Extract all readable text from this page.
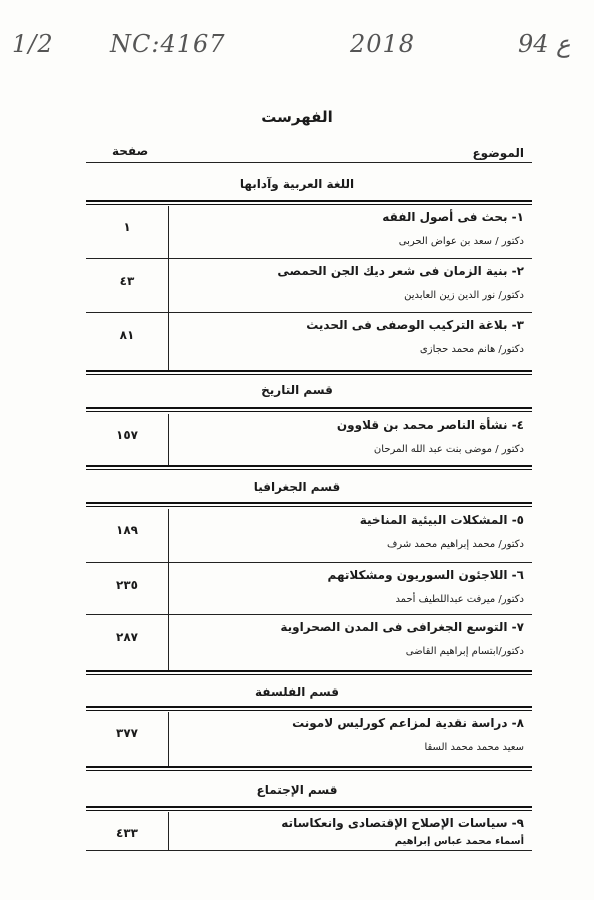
1/2 NC:4167	2018	94 ع
الفهرست
الموضوع
صفحة
اللغة العربية وآدابها
١- بحث فى أصول الفقه
دكتور / سعد بن عواض الحربى
١
٢- بنية الزمان فى شعر ديك الجن الحمصى
دكتور/ نور الدين زين العابدين
٤٣
٣- بلاغة التركيب الوصفى فى الحديث
دكتور/ هانم محمد حجازى
٨١
قسم التاريخ
٤- نشأة الناصر محمد بن قلاوون
دكتور / موضى بنت عبد الله المرحان
١٥٧
قسم الجغرافيا
٥- المشكلات البيئية المناخية
دكتور/ محمد إبراهيم محمد شرف
١٨٩
٦- اللاجئون السوريون ومشكلاتهم
دكتور/ ميرفت عبداللطيف أحمد
٢٣٥
٧- التوسع الجغرافى فى المدن الصحراوية
دكتور/ابتسام إبراهيم القاضى
٢٨٧
قسم الفلسفة
٨- دراسة نقدية لمزاعم كورليس لامونت
سعيد محمد محمد السقا
٣٧٧
قسم الإجتماع
٩- سياسات الإصلاح الإقتصادى وانعكاساته
أسماء محمد عباس إبراهيم
٤٣٣
